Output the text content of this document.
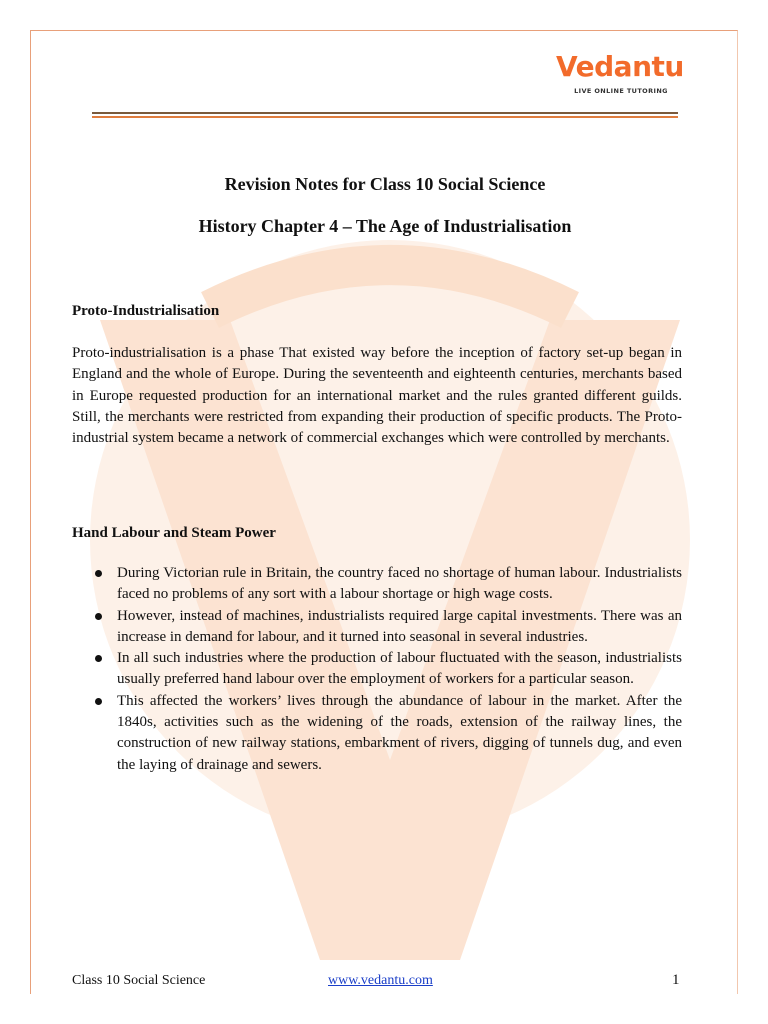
Vedantu
LIVE ONLINE TUTORING
Revision Notes for Class 10 Social Science
History Chapter 4 – The Age of Industrialisation
Proto-Industrialisation

Proto-industrialisation is a phase That existed way before the inception of factory set-up began in England and the whole of Europe. During the seventeenth and eighteenth centuries, merchants based in Europe requested production for an international market and the rules granted different guilds. Still, the merchants were restricted from expanding their production of specific products. The Proto-industrial system became a network of commercial exchanges which were controlled by merchants.

Hand Labour and Steam Power
During Victorian rule in Britain, the country faced no shortage of human labour. Industrialists faced no problems of any sort with a labour shortage or high wage costs.
However, instead of machines, industrialists required large capital investments. There was an increase in demand for labour, and it turned into seasonal in several industries.
In all such industries where the production of labour fluctuated with the season, industrialists usually preferred hand labour over the employment of workers for a particular season.
This affected the workers’ lives through the abundance of labour in the market. After the 1840s, activities such as the widening of the roads, extension of the railway lines, the construction of new railway stations, embarkment of rivers, digging of tunnels dug, and even the laying of drainage and sewers.
Class 10 Social Science	www.vedantu.com	1
